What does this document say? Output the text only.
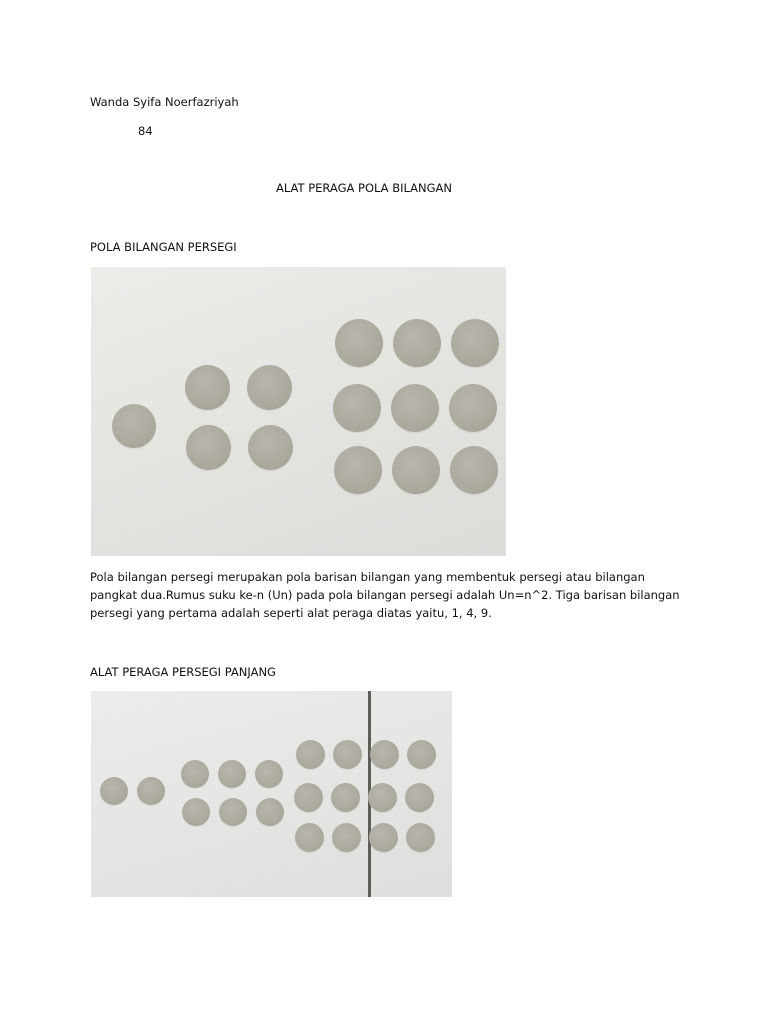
Wanda Syifa Noerfazriyah
84
ALAT PERAGA POLA BILANGAN
POLA BILANGAN PERSEGI
Pola bilangan persegi merupakan pola barisan bilangan yang membentuk persegi atau bilangan pangkat dua.Rumus suku ke-n (Un) pada pola bilangan persegi adalah Un=n^2. Tiga barisan bilangan persegi yang pertama adalah seperti alat peraga diatas yaitu, 1, 4, 9.
ALAT PERAGA PERSEGI PANJANG
